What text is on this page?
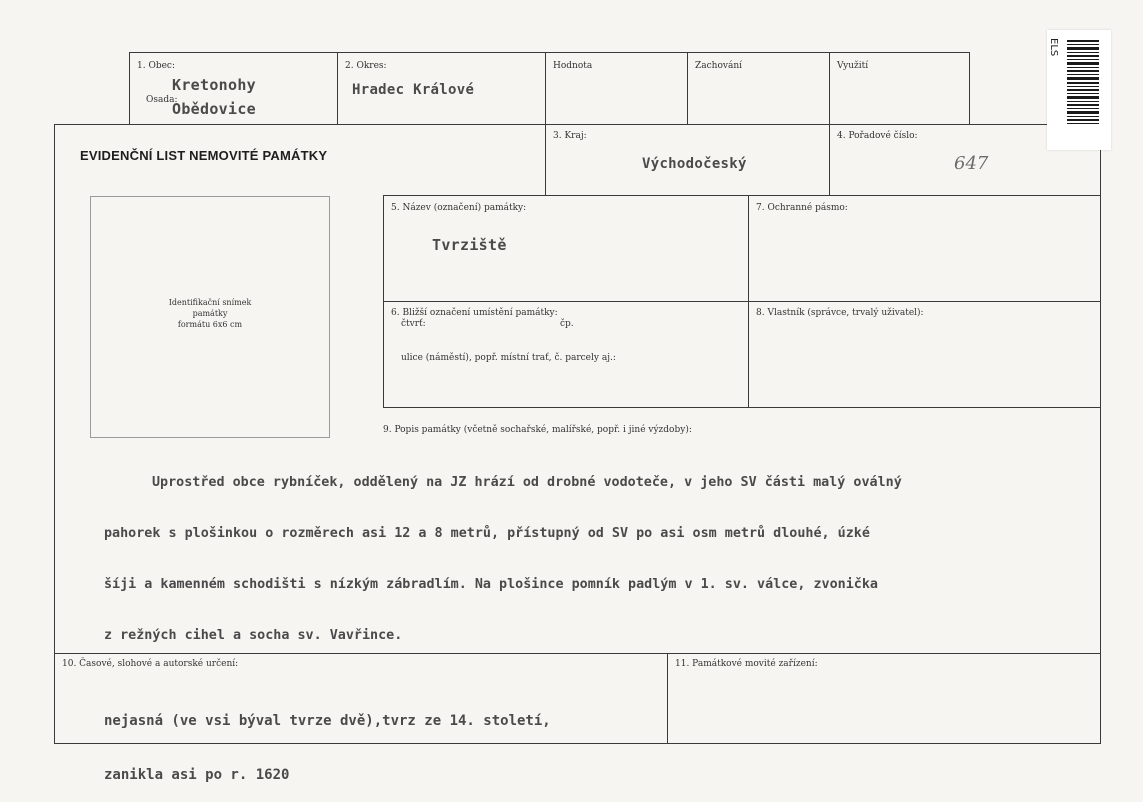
1. Obec:
Kretonohy
Osada:
Obědovice
2. Okres:
Hradec Králové
Hodnota	Zachování	Využití
EVIDENČNÍ LIST NEMOVITÉ PAMÁTKY
3. Kraj:
Východočeský
4. Pořadové číslo:
647
Identifikační snímek
památky
formátu 6x6 cm
5. Název (označení) památky:
Tvrziště
7. Ochranné pásmo:
6. Bližší označení umístění památky:
čtvrť:	čp.
ulice (náměstí), popř. místní trať, č. parcely aj.:
8. Vlastník (správce, trvalý uživatel):
9. Popis památky (včetně sochařské, malířské, popř. i jiné výzdoby):

Uprostřed obce rybníček, oddělený na JZ hrází od drobné vodoteče, v jeho SV části malý oválný

pahorek s plošinkou o rozměrech asi 12 a 8 metrů, přístupný od SV po asi osm metrů dlouhé, úzké

šíji a kamenném schodišti s nízkým zábradlím. Na plošince pomník padlým v 1. sv. válce, zvonička

z režných cihel a socha sv. Vavřince.

10. Časové, slohové a autorské určení:

nejasná (ve vsi býval tvrze dvě),tvrz ze 14. století,

zanikla asi po r. 1620

11. Památkové movité zařízení:
ELS
